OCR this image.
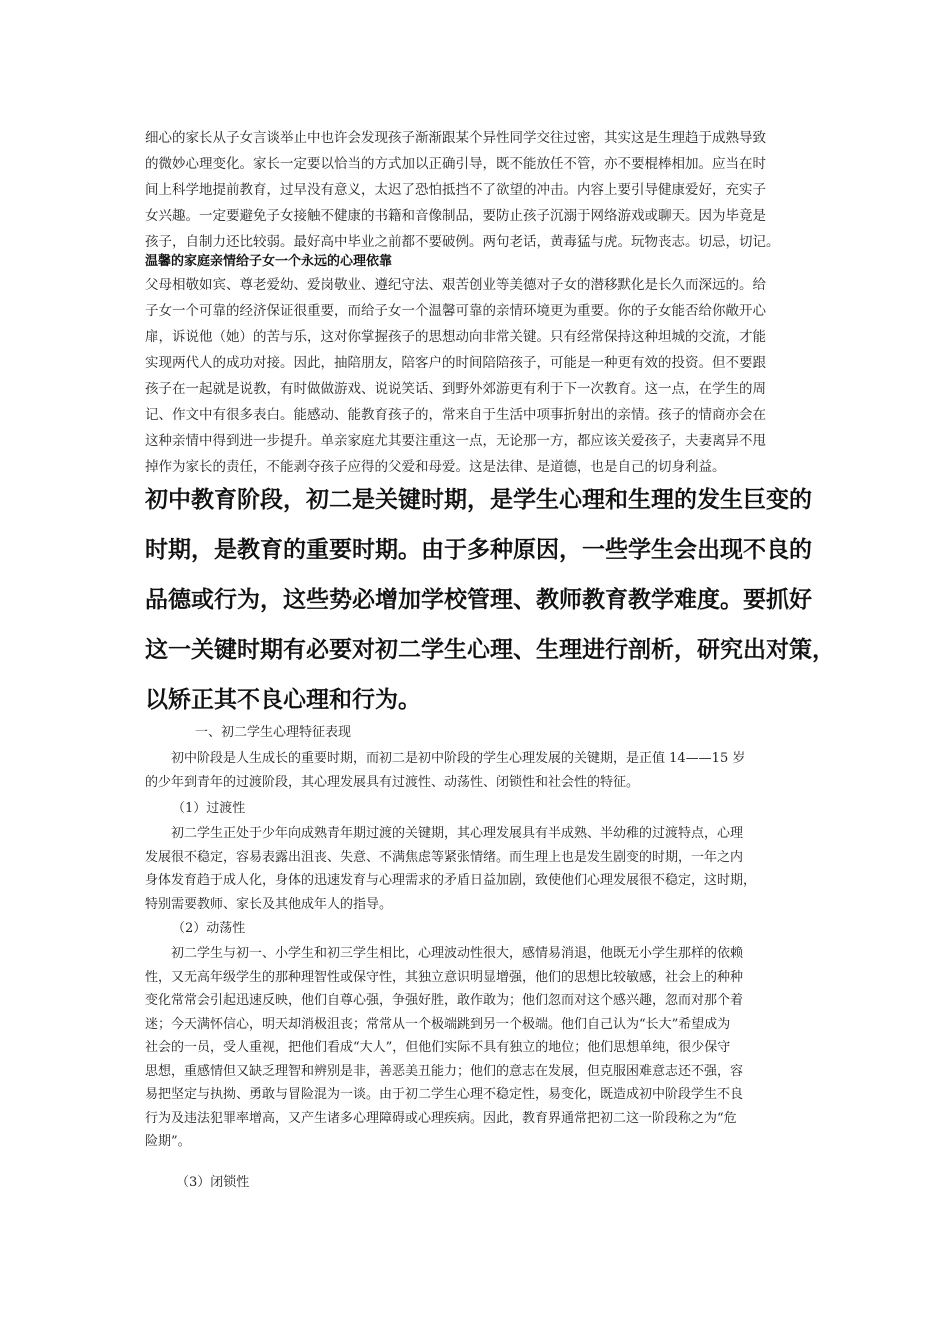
细心的家长从子女言谈举止中也许会发现孩子渐渐跟某个异性同学交往过密，其实这是生理趋于成熟导致
的微妙心理变化。家长一定要以恰当的方式加以正确引导，既不能放任不管，亦不要棍棒相加。应当在时
间上科学地提前教育，过早没有意义，太迟了恐怕抵挡不了欲望的冲击。内容上要引导健康爱好，充实子
女兴趣。一定要避免子女接触不健康的书籍和音像制品，要防止孩子沉溺于网络游戏或聊天。因为毕竟是
孩子，自制力还比较弱。最好高中毕业之前都不要破例。两句老话，黄毒猛与虎。玩物丧志。切忌，切记。
温馨的家庭亲情给子女一个永远的心理依靠
父母相敬如宾、尊老爱幼、爱岗敬业、遵纪守法、艰苦创业等美德对子女的潜移默化是长久而深远的。给
子女一个可靠的经济保证很重要，而给子女一个温馨可靠的亲情环境更为重要。你的子女能否给你敞开心
扉，诉说他（她）的苦与乐，这对你掌握孩子的思想动向非常关键。只有经常保持这种坦城的交流，才能
实现两代人的成功对接。因此，抽陪朋友，陪客户的时间陪陪孩子，可能是一种更有效的投资。但不要跟
孩子在一起就是说教，有时做做游戏、说说笑话、到野外郊游更有利于下一次教育。这一点，在学生的周
记、作文中有很多表白。能感动、能教育孩子的，常来自于生活中项事折射出的亲情。孩子的情商亦会在
这种亲情中得到进一步提升。单亲家庭尤其要注重这一点，无论那一方，都应该关爱孩子，夫妻离异不甩
掉作为家长的责任，不能剥夺孩子应得的父爱和母爱。这是法律、是道德，也是自己的切身利益。
初中教育阶段，初二是关键时期，是学生心理和生理的发生巨变的
时期，是教育的重要时期。由于多种原因，一些学生会出现不良的
品德或行为，这些势必增加学校管理、教师教育教学难度。要抓好
这一关键时期有必要对初二学生心理、生理进行剖析，研究出对策，
以矫正其不良心理和行为。
一、初二学生心理特征表现
初中阶段是人生成长的重要时期，而初二是初中阶段的学生心理发展的关键期，是正值 14——15 岁
的少年到青年的过渡阶段，其心理发展具有过渡性、动荡性、闭锁性和社会性的特征。
（1）过渡性
初二学生正处于少年向成熟青年期过渡的关键期，其心理发展具有半成熟、半幼稚的过渡特点，心理
发展很不稳定，容易表露出沮丧、失意、不满焦虑等紧张情绪。而生理上也是发生剧变的时期，一年之内
身体发育趋于成人化，身体的迅速发育与心理需求的矛盾日益加剧，致使他们心理发展很不稳定，这时期，
特别需要教师、家长及其他成年人的指导。
（2）动荡性
初二学生与初一、小学生和初三学生相比，心理波动性很大，感情易消退，他既无小学生那样的依赖
性，又无高年级学生的那种理智性或保守性，其独立意识明显增强，他们的思想比较敏感，社会上的种种
变化常常会引起迅速反映，他们自尊心强，争强好胜，敢作敢为；他们忽而对这个感兴趣，忽而对那个着
迷；今天满怀信心，明天却消极沮丧；常常从一个极端跳到另一个极端。他们自己认为“长大”希望成为
社会的一员，受人重视，把他们看成“大人”，但他们实际不具有独立的地位；他们思想单纯，很少保守
思想，重感情但又缺乏理智和辨别是非，善恶美丑能力；他们的意志在发展，但克服困难意志还不强，容
易把坚定与执拗、勇敢与冒险混为一谈。由于初二学生心理不稳定性，易变化，既造成初中阶段学生不良
行为及违法犯罪率增高，又产生诸多心理障碍或心理疾病。因此，教育界通常把初二这一阶段称之为“危
险期”。
（3）闭锁性
